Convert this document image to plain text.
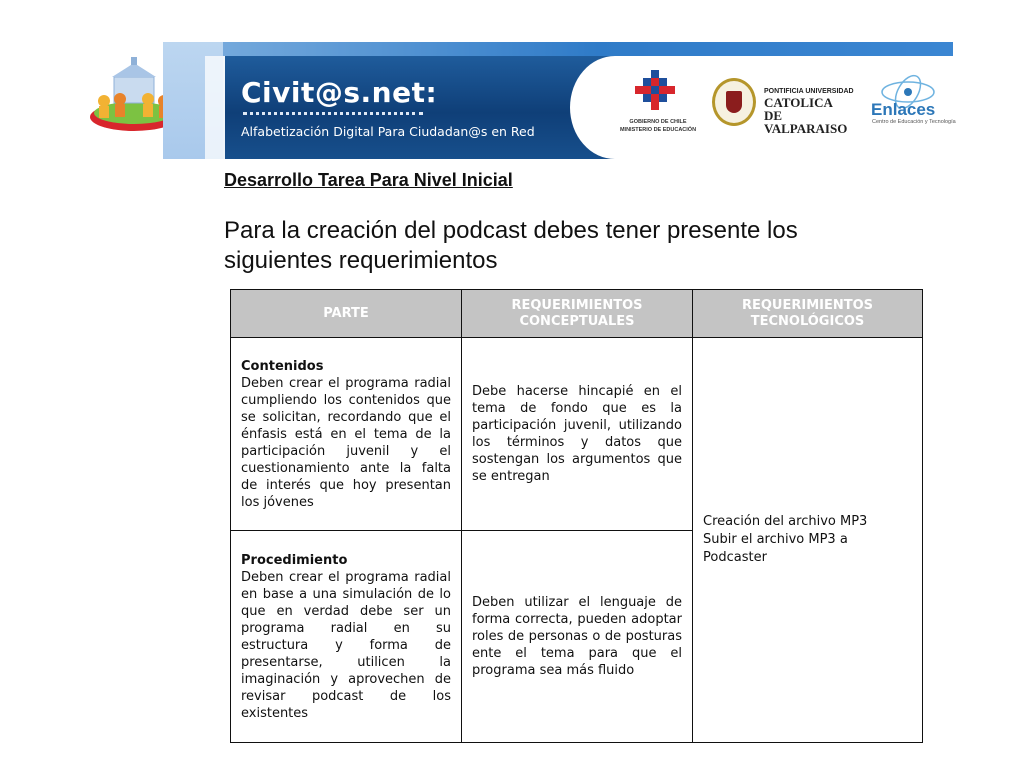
Civit@s.net:
Alfabetización Digital Para Ciudadan@s en Red
GOBIERNO DE CHILE
MINISTERIO DE EDUCACIÓN
PONTIFICIA UNIVERSIDAD
CATOLICA
DE VALPARAISO
Enlaces
Centro de Educación y Tecnología
Desarrollo Tarea Para Nivel Inicial
Para la creación del podcast debes tener presente los siguientes requerimientos
PARTE	REQUERIMIENTOS CONCEPTUALES	REQUERIMIENTOS TECNOLÓGICOS

Contenidos
Deben crear el programa radial cumpliendo los contenidos que se solicitan, recordando que el énfasis está en el tema de la participación juvenil y el cuestionamiento ante la falta de interés que hoy presentan los jóvenes	Debe hacerse hincapié en el tema de fondo que es la participación juvenil, utilizando los términos y datos que sostengan los argumentos que se entregan	Creación del archivo MP3
Subir el archivo MP3 a Podcaster

Procedimiento
Deben crear el programa radial en base a una simulación de lo que en verdad debe ser un programa radial en su estructura y forma de presentarse, utilicen la imaginación y aprovechen de revisar podcast de los existentes	Deben utilizar el lenguaje de forma correcta, pueden adoptar roles de personas o de posturas ente el tema para que el programa sea más fluido	
